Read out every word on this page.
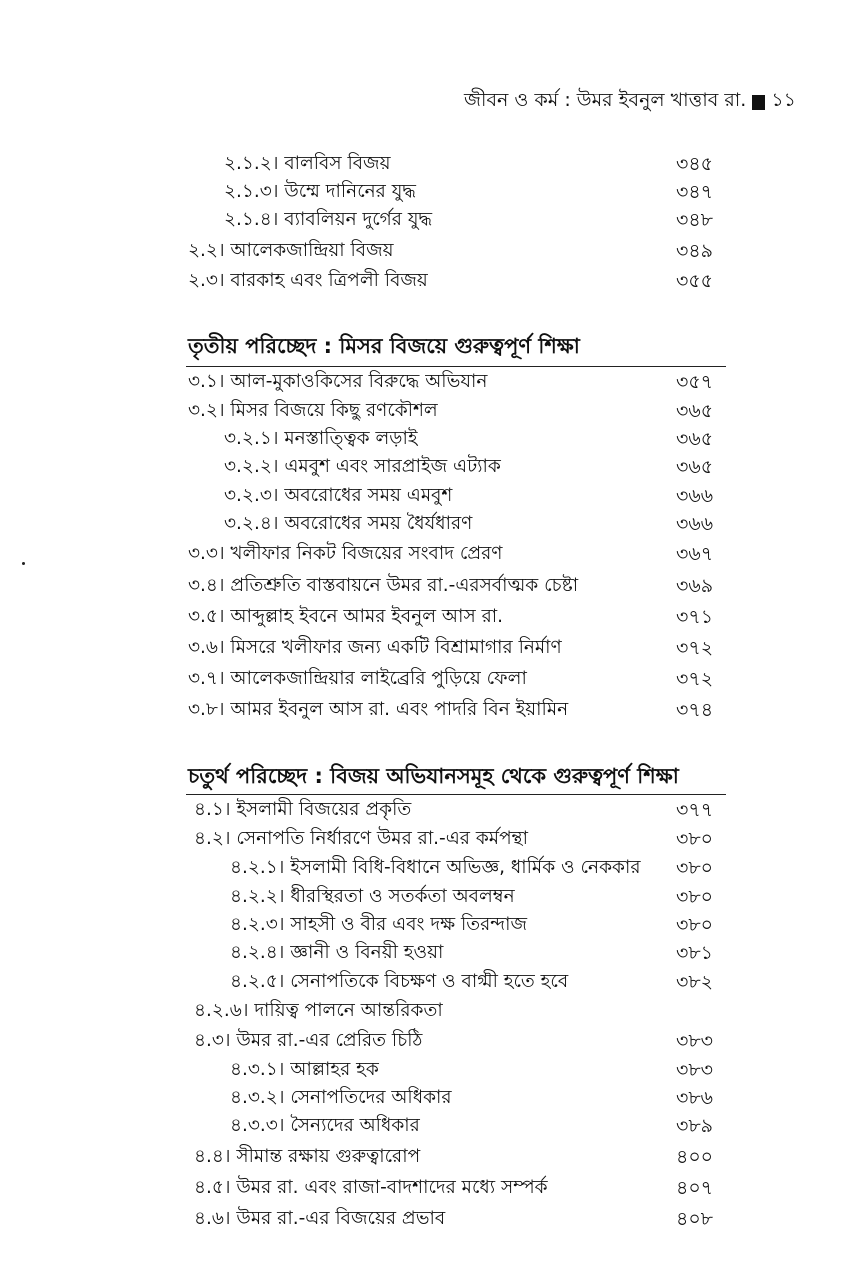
জীবন ও কর্ম : উমর ইবনুল খাত্তাব রা. ১১
২.১.২। বালবিস বিজয়	৩৪৫
২.১.৩। উম্মে দানিনের যুদ্ধ	৩৪৭
২.১.৪। ব্যাবলিয়ন দুর্গের যুদ্ধ	৩৪৮
২.২। আলেকজান্দ্রিয়া বিজয়	৩৪৯
২.৩। বারকাহ এবং ত্রিপলী বিজয়	৩৫৫
তৃতীয় পরিচ্ছেদ : মিসর বিজয়ে গুরুত্বপূর্ণ শিক্ষা
৩.১। আল-মুকাওকিসের বিরুদ্ধে অভিযান	৩৫৭
৩.২। মিসর বিজয়ে কিছু রণকৌশল	৩৬৫
৩.২.১। মনস্তাত্ত্বিক লড়াই	৩৬৫
৩.২.২। এমবুশ এবং সারপ্রাইজ এট্যাক	৩৬৫
৩.২.৩। অবরোধের সময় এমবুশ	৩৬৬
৩.২.৪। অবরোধের সময় ধৈর্যধারণ	৩৬৬
৩.৩। খলীফার নিকট বিজয়ের সংবাদ প্রেরণ	৩৬৭
৩.৪। প্রতিশ্রুতি বাস্তবায়নে উমর রা.-এরসর্বাত্মক চেষ্টা	৩৬৯
৩.৫। আব্দুল্লাহ ইবনে আমর ইবনুল আস রা.	৩৭১
৩.৬। মিসরে খলীফার জন্য একটি বিশ্রামাগার নির্মাণ	৩৭২
৩.৭। আলেকজান্দ্রিয়ার লাইব্রেরি পুড়িয়ে ফেলা	৩৭২
৩.৮। আমর ইবনুল আস রা. এবং পাদরি বিন ইয়ামিন	৩৭৪
চতুর্থ পরিচ্ছেদ : বিজয় অভিযানসমূহ থেকে গুরুত্বপূর্ণ শিক্ষা
৪.১। ইসলামী বিজয়ের প্রকৃতি	৩৭৭
৪.২। সেনাপতি নির্ধারণে উমর রা.-এর কর্মপন্থা	৩৮০
৪.২.১। ইসলামী বিধি-বিধানে অভিজ্ঞ, ধার্মিক ও নেককার ৩৮০
৪.২.২। ধীরস্থিরতা ও সতর্কতা অবলম্বন	৩৮০
৪.২.৩। সাহসী ও বীর এবং দক্ষ তিরন্দাজ	৩৮০
৪.২.৪। জ্ঞানী ও বিনয়ী হওয়া	৩৮১
৪.২.৫। সেনাপতিকে বিচক্ষণ ও বাগ্মী হতে হবে	৩৮২
৪.২.৬। দায়িত্ব পালনে আন্তরিকতা
৪.৩। উমর রা.-এর প্রেরিত চিঠি	৩৮৩
৪.৩.১। আল্লাহর হক	৩৮৩
৪.৩.২। সেনাপতিদের অধিকার	৩৮৬
৪.৩.৩। সৈন্যদের অধিকার	৩৮৯
৪.৪। সীমান্ত রক্ষায় গুরুত্বারোপ	৪০০
৪.৫। উমর রা. এবং রাজা-বাদশাদের মধ্যে সম্পর্ক	৪০৭
৪.৬। উমর রা.-এর বিজয়ের প্রভাব	৪০৮
